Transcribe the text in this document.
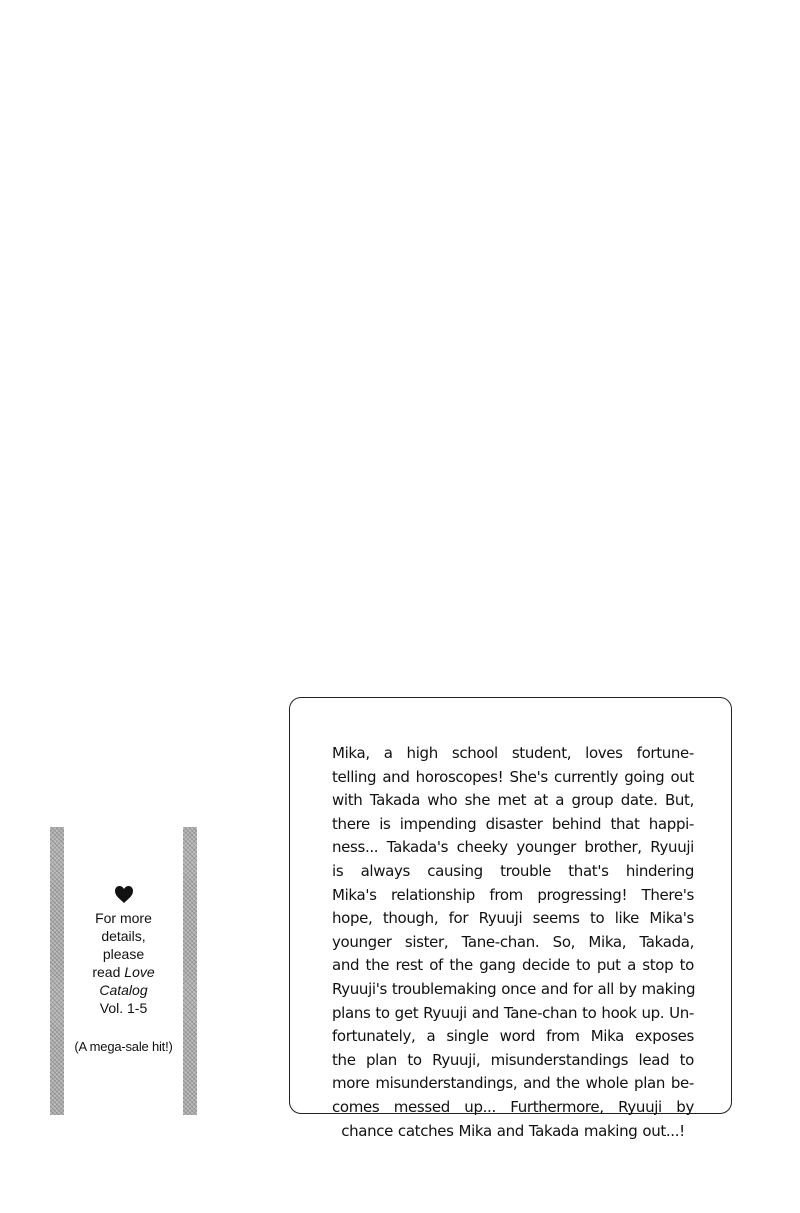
For more
details,
please
read Love
Catalog
Vol. 1-5
(A mega-sale hit!)
Mika, a high school student, loves fortune-
telling and horoscopes! She's currently going out
with Takada who she met at a group date. But,
there is impending disaster behind that happi-
ness... Takada's cheeky younger brother, Ryuuji
is always causing trouble that's hindering
Mika's relationship from progressing! There's
hope, though, for Ryuuji seems to like Mika's
younger sister, Tane-chan. So, Mika, Takada,
and the rest of the gang decide to put a stop to
Ryuuji's troublemaking once and for all by making
plans to get Ryuuji and Tane-chan to hook up. Un-
fortunately, a single word from Mika exposes
the plan to Ryuuji, misunderstandings lead to
more misunderstandings, and the whole plan be-
comes messed up... Furthermore, Ryuuji by
chance catches Mika and Takada making out...!
